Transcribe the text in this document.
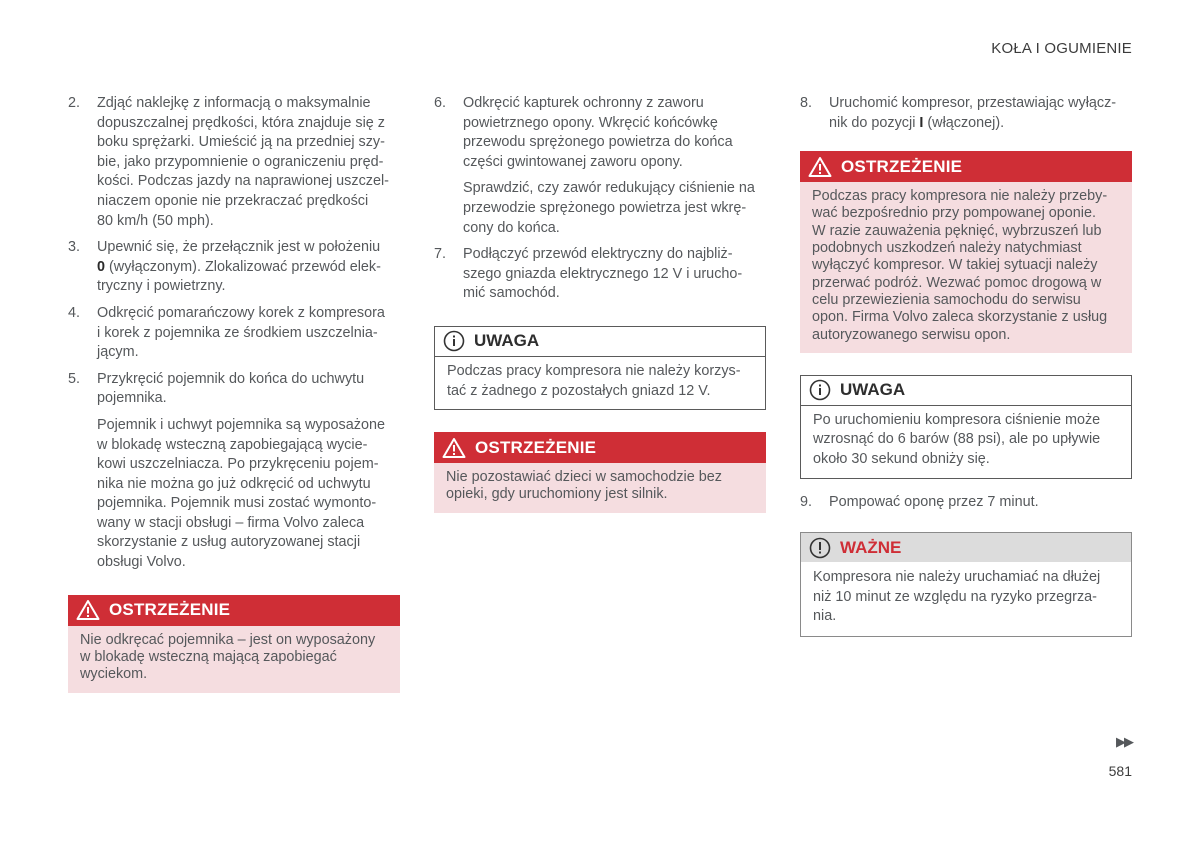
KOŁA I OGUMIENIE
2. Zdjąć naklejkę z informacją o maksymalnie
dopuszczalnej prędkości, która znajduje się z
boku sprężarki. Umieścić ją na przedniej szy-
bie, jako przypomnienie o ograniczeniu pręd-
kości. Podczas jazdy na naprawionej uszczel-
niaczem oponie nie przekraczać prędkości
80 km/h (50 mph).
3. Upewnić się, że przełącznik jest w położeniu
0 (wyłączonym). Zlokalizować przewód elek-
tryczny i powietrzny.
4. Odkręcić pomarańczowy korek z kompresora
i korek z pojemnika ze środkiem uszczelnia-
jącym.
5. Przykręcić pojemnik do końca do uchwytu
pojemnika.
Pojemnik i uchwyt pojemnika są wyposażone
w blokadę wsteczną zapobiegającą wycie-
kowi uszczelniacza. Po przykręceniu pojem-
nika nie można go już odkręcić od uchwytu
pojemnika. Pojemnik musi zostać wymonto-
wany w stacji obsługi – firma Volvo zaleca
skorzystanie z usług autoryzowanej stacji
obsługi Volvo.
OSTRZEŻENIE
Nie odkręcać pojemnika – jest on wyposażony
w blokadę wsteczną mającą zapobiegać
wyciekom.
6. Odkręcić kapturek ochronny z zaworu
powietrznego opony. Wkręcić końcówkę
przewodu sprężonego powietrza do końca
części gwintowanej zaworu opony.
Sprawdzić, czy zawór redukujący ciśnienie na
przewodzie sprężonego powietrza jest wkrę-
cony do końca.
7. Podłączyć przewód elektryczny do najbliż-
szego gniazda elektrycznego 12 V i urucho-
mić samochód.
UWAGA
Podczas pracy kompresora nie należy korzys-
tać z żadnego z pozostałych gniazd 12 V.
OSTRZEŻENIE
Nie pozostawiać dzieci w samochodzie bez
opieki, gdy uruchomiony jest silnik.
8. Uruchomić kompresor, przestawiając wyłącz-
nik do pozycji I (włączonej).
OSTRZEŻENIE
Podczas pracy kompresora nie należy przeby-
wać bezpośrednio przy pompowanej oponie.
W razie zauważenia pęknięć, wybrzuszeń lub
podobnych uszkodzeń należy natychmiast
wyłączyć kompresor. W takiej sytuacji należy
przerwać podróż. Wezwać pomoc drogową w
celu przewiezienia samochodu do serwisu
opon. Firma Volvo zaleca skorzystanie z usług
autoryzowanego serwisu opon.
UWAGA
Po uruchomieniu kompresora ciśnienie może
wzrosnąć do 6 barów (88 psi), ale po upływie
około 30 sekund obniży się.
9. Pompować oponę przez 7 minut.
WAŻNE
Kompresora nie należy uruchamiać na dłużej
niż 10 minut ze względu na ryzyko przegrza-
nia.
▶▶
581
